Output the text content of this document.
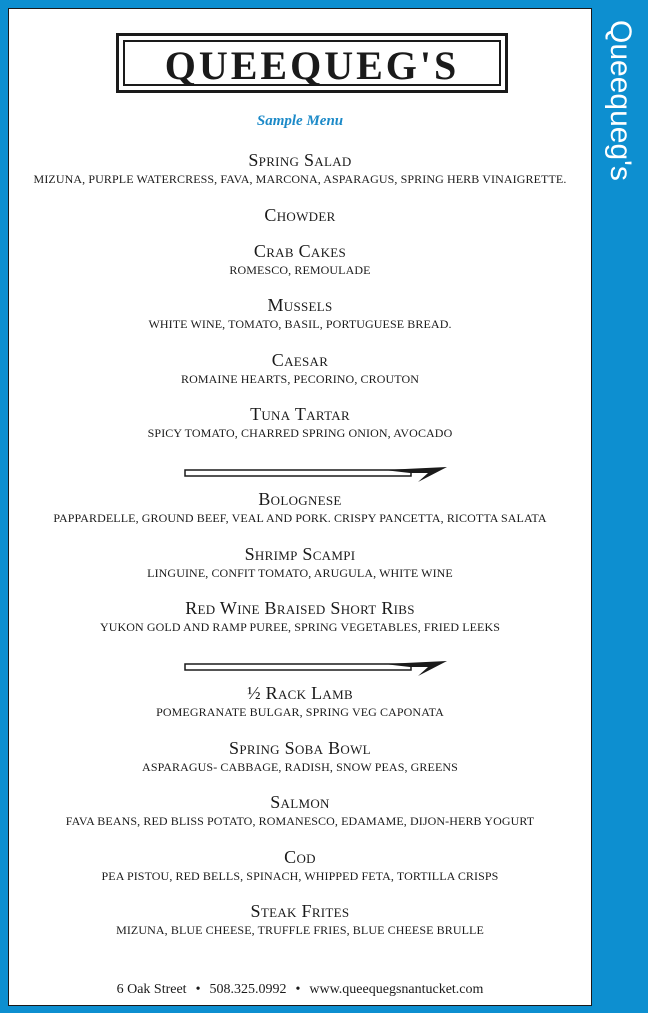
QUEEQUEG'S
Sample Menu
Spring Salad
MIZUNA, PURPLE WATERCRESS, FAVA, MARCONA, ASPARAGUS, SPRING HERB VINAIGRETTE.
Chowder
Crab Cakes
ROMESCO, REMOULADE
Mussels
WHITE WINE, TOMATO, BASIL, PORTUGUESE BREAD.
Caesar
ROMAINE HEARTS, PECORINO, CROUTON
Tuna Tartar
SPICY TOMATO, CHARRED SPRING ONION, AVOCADO
Bolognese
PAPPARDELLE, GROUND BEEF, VEAL AND PORK. CRISPY PANCETTA, RICOTTA SALATA
Shrimp Scampi
LINGUINE, CONFIT TOMATO, ARUGULA, WHITE WINE
Red Wine Braised Short Ribs
YUKON GOLD AND RAMP PUREE, SPRING VEGETABLES, FRIED LEEKS
½ Rack Lamb
POMEGRANATE BULGAR, SPRING VEG CAPONATA
Spring Soba Bowl
ASPARAGUS- CABBAGE, RADISH, SNOW PEAS, GREENS
Salmon
FAVA BEANS, RED BLISS POTATO, ROMANESCO, EDAMAME, DIJON-HERB YOGURT
Cod
PEA PISTOU, RED BELLS, SPINACH, WHIPPED FETA, TORTILLA CRISPS
Steak Frites
MIZUNA, BLUE CHEESE, TRUFFLE FRIES, BLUE CHEESE BRULLE
6 Oak Street • 508.325.0992 • www.queequegsnantucket.com
Queequeg's
